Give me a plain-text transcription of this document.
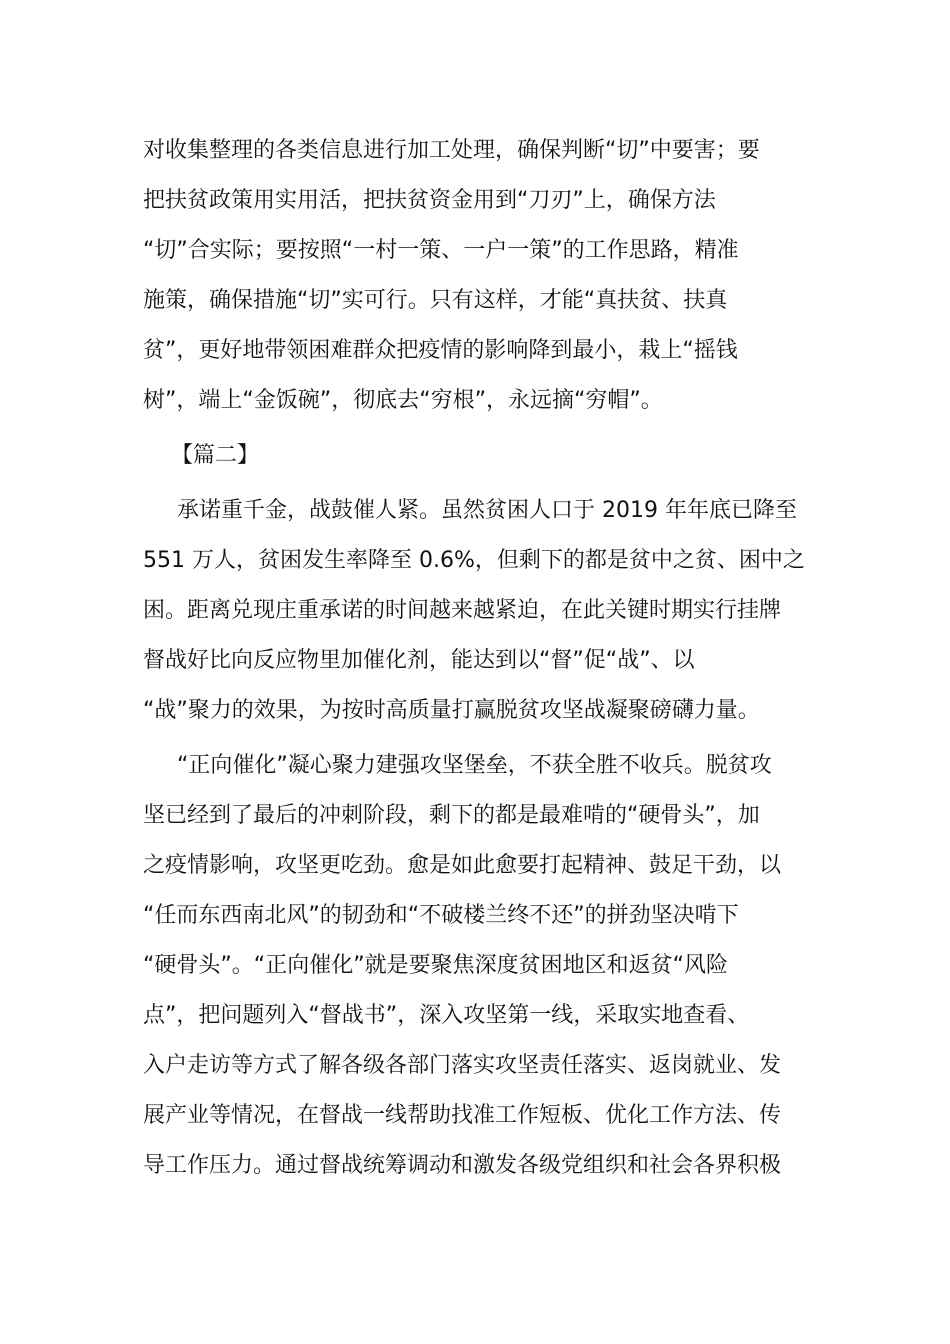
对收集整理的各类信息进行加工处理，确保判断“切”中要害；要
把扶贫政策用实用活，把扶贫资金用到“刀刃”上，确保方法
“切”合实际；要按照“一村一策、一户一策”的工作思路，精准
施策，确保措施“切”实可行。只有这样，才能“真扶贫、扶真
贫”，更好地带领困难群众把疫情的影响降到最小，栽上“摇钱
树”，端上“金饭碗”，彻底去“穷根”，永远摘“穷帽”。
【篇二】
承诺重千金，战鼓催人紧。虽然贫困人口于 2019 年年底已降至
551 万人，贫困发生率降至 0.6%，但剩下的都是贫中之贫、困中之
困。距离兑现庄重承诺的时间越来越紧迫，在此关键时期实行挂牌
督战好比向反应物里加催化剂，能达到以“督”促“战”、以
“战”聚力的效果，为按时高质量打赢脱贫攻坚战凝聚磅礴力量。
“正向催化”凝心聚力建强攻坚堡垒，不获全胜不收兵。脱贫攻
坚已经到了最后的冲刺阶段，剩下的都是最难啃的“硬骨头”，加
之疫情影响，攻坚更吃劲。愈是如此愈要打起精神、鼓足干劲，以
“任而东西南北风”的韧劲和“不破楼兰终不还”的拼劲坚决啃下
“硬骨头”。“正向催化”就是要聚焦深度贫困地区和返贫“风险
点”，把问题列入“督战书”，深入攻坚第一线，采取实地查看、
入户走访等方式了解各级各部门落实攻坚责任落实、返岗就业、发
展产业等情况，在督战一线帮助找准工作短板、优化工作方法、传
导工作压力。通过督战统筹调动和激发各级党组织和社会各界积极
